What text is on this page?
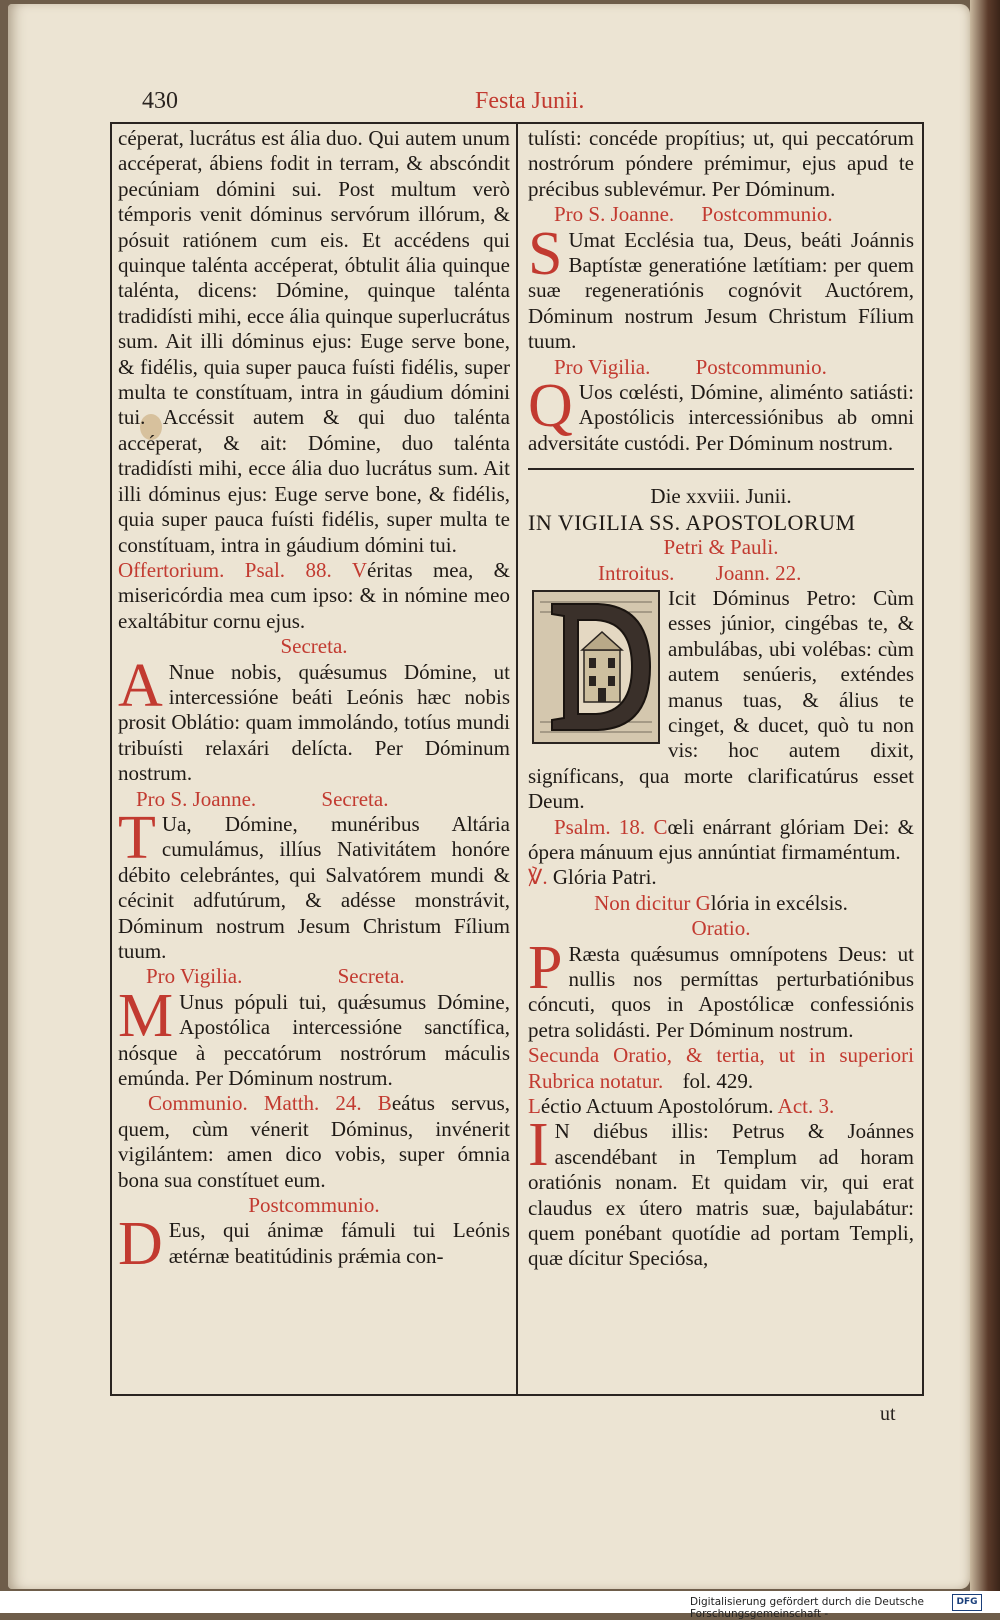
430	Festa Junii.

céperat, lucrátus est ália duo. Qui autem unum accéperat, ábiens fodit in terram, & abscóndit pecúniam dómini sui. Post multum verò témporis venit dóminus servórum illórum, & pósuit ratiónem cum eis. Et accédens qui quinque talénta accéperat, óbtulit ália quinque talénta, dicens: Dómine, quinque talénta tradidísti mihi, ecce ália quinque superlucrátus sum. Ait illi dóminus ejus: Euge serve bone, & fidélis, quia super pauca fuísti fidélis, super multa te constítuam, intra in gáudium dómini tui. Accéssit autem & qui duo talénta accéperat, & ait: Dómine, duo talénta tradidísti mihi, ecce ália duo lucrátus sum. Ait illi dóminus ejus: Euge serve bone, & fidélis, quia super pauca fuísti fidélis, super multa te constítuam, intra in gáudium dómini tui.

Offertorium. Psal. 88. Véritas mea, & misericórdia mea cum ipso: & in nómine meo exaltábitur cornu ejus.

Secreta.

A Nnue nobis, quǽsumus Dómine, ut intercessióne beáti Leónis hæc nobis prosit Oblátio: quam immolándo, totíus mundi tribuísti relaxári delícta. Per Dóminum nostrum.

Pro S. Joanne.	Secreta.

T Ua, Dómine, munéribus Altária cumulámus, illíus Nativitátem honóre débito celebrántes, qui Salvatórem mundi & cécinit adfutúrum, & adésse monstrávit, Dóminum nostrum Jesum Christum Fílium tuum.

Pro Vigilia.	Secreta.

M Unus pópuli tui, quǽsumus Dómine, Apostólica intercessióne sanctífica, nósque à peccatórum nostrórum máculis emúnda. Per Dóminum nostrum.

Communio. Matth. 24. Beátus servus, quem, cùm vénerit Dóminus, invénerit vigilántem: amen dico vobis, super ómnia bona sua constítuet eum.

Postcommunio.

D Eus, qui ánimæ fámuli tui Leónis ætérnæ beatitúdinis prǽmia con-

tulísti: concéde propítius; ut, qui peccatórum nostrórum póndere prémimur, ejus apud te précibus sublevémur. Per Dóminum.

Pro S. Joanne. Postcommunio.

S Umat Ecclésia tua, Deus, beáti Joánnis Baptístæ generatióne lætítiam: per quem suæ regeneratiónis cognóvit Auctórem, Dóminum nostrum Jesum Christum Fílium tuum.

Pro Vigilia. Postcommunio.

Q Uos cœlésti, Dómine, aliménto satiásti: Apostólicis intercessiónibus ab omni adversitáte custódi. Per Dóminum nostrum.

Die xxviii. Junii.

IN VIGILIA SS. APOSTOLORUM

Petri & Pauli.

Introitus. Joann. 22.

Icit Dóminus Petro: Cùm esses júnior, cingébas te, & ambulábas, ubi volébas: cùm autem senúeris, exténdes manus tuas, & álius te cinget, & ducet, quò tu non vis: hoc autem dixit, signíficans, qua morte clarificatúrus esset Deum.

Psalm. 18. Cœli enárrant glóriam Dei: & ópera mánuum ejus annúntiat firmaméntum.

℣. Glória Patri.

Non dicitur Glória in excélsis.

Oratio.

P Ræsta quǽsumus omnípotens Deus: ut nullis nos permíttas perturbatiónibus cóncuti, quos in Apostólicæ confessiónis petra solidásti. Per Dóminum nostrum.

Secunda Oratio, & tertia, ut in superiori Rubrica notatur. fol. 429.

Léctio Actuum Apostolórum. Act. 3.

I N diébus illis: Petrus & Joánnes ascendébant in Templum ad horam oratiónis nonam. Et quidam vir, qui erat claudus ex útero matris suæ, bajulabátur: quem ponébant quotídie ad portam Templi, quæ dícitur Speciósa,

ut
Digitalisierung gefördert durch die Deutsche Forschungsgemeinschaft -
DFG
